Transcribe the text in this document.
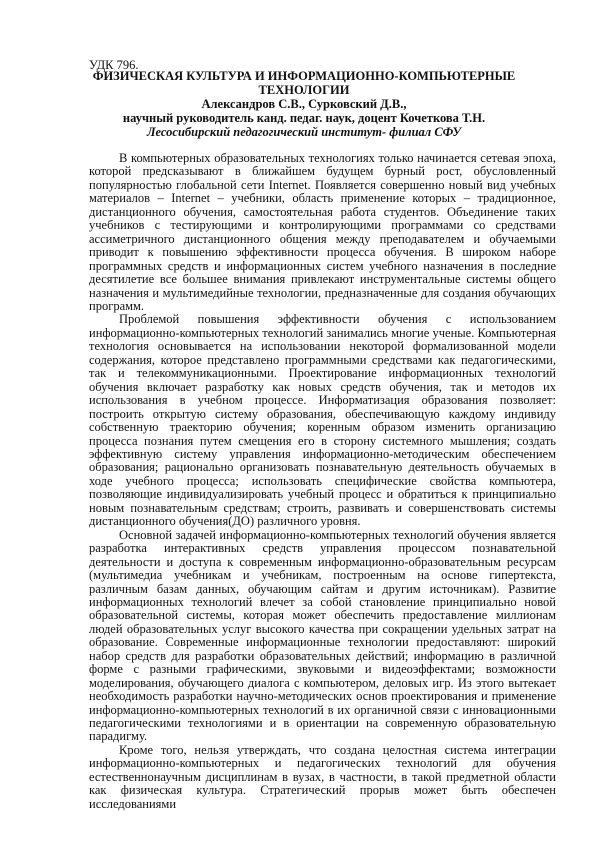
УДК 796.
ФИЗИЧЕСКАЯ КУЛЬТУРА И ИНФОРМАЦИОННО-КОМПЬЮТЕРНЫЕ
ТЕХНОЛОГИИ
Александров С.В., Сурковский Д.В.,
научный руководитель канд. педаг. наук, доцент Кочеткова Т.Н.
Лесосибирский педагогический институт- филиал СФУ

В компьютерных образовательных технологиях только начинается сетевая эпоха, которой предсказывают в ближайшем будущем бурный рост, обусловленный популярностью глобальной сети Internet. Появляется совершенно новый вид учебных материалов – Internet – учебники, область применение которых – традиционное, дистанционного обучения, самостоятельная работа студентов. Объединение таких учебников с тестирующими и контролирующими программами со средствами ассиметричного дистанционного общения между преподавателем и обучаемыми приводит к повышению эффективности процесса обучения. В широком наборе программных средств и информационных систем учебного назначения в последние десятилетие все большее внимания привлекают инструментальные системы общего назначения и мультимедийные технологии, предназначенные для создания обучающих программ.

Проблемой повышения эффективности обучения с использованием информационно-компьютерных технологий занимались многие ученые. Компьютерная технология основывается на использовании некоторой формализованной модели содержания, которое представлено программными средствами как педагогическими, так и телекоммуникационными. Проектирование информационных технологий обучения включает разработку как новых средств обучения, так и методов их использования в учебном процессе. Информатизация образования позволяет: построить открытую систему образования, обеспечивающую каждому индивиду собственную траекторию обучения; коренным образом изменить организацию процесса познания путем смещения его в сторону системного мышления; создать эффективную систему управления информационно-методическим обеспечением образования; рационально организовать познавательную деятельность обучаемых в ходе учебного процесса; использовать специфические свойства компьютера, позволяющие индивидуализировать учебный процесс и обратиться к принципиально новым познавательным средствам; строить, развивать и совершенствовать системы дистанционного обучения(ДО) различного уровня.

Основной задачей информационно-компьютерных технологий обучения является разработка интерактивных средств управления процессом познавательной деятельности и доступа к современным информационно-образовательным ресурсам (мультимедиа учебникам и учебникам, построенным на основе гипертекста, различным базам данных, обучающим сайтам и другим источникам). Развитие информационных технологий влечет за собой становление принципиально новой образовательной системы, которая может обеспечить предоставление миллионам людей образовательных услуг высокого качества при сокращении удельных затрат на образование. Современные информационные технологии предоставляют: широкий набор средств для разработки образовательных действий; информацию в различной форме с разными графическими, звуковыми и видеоэффектами; возможности моделирования, обучающего диалога с компьютером, деловых игр. Из этого вытекает необходимость разработки научно-методических основ проектирования и применение информационно-компьютерных технологий в их органичной связи с инновационными педагогическими технологиями и в ориентации на современную образовательную парадигму.

Кроме того, нельзя утверждать, что создана целостная система интеграции информационно-компьютерных и педагогических технологий для обучения естественнонаучным дисциплинам в вузах, в частности, в такой предметной области как физическая культура. Стратегический прорыв может быть обеспечен исследованиями
